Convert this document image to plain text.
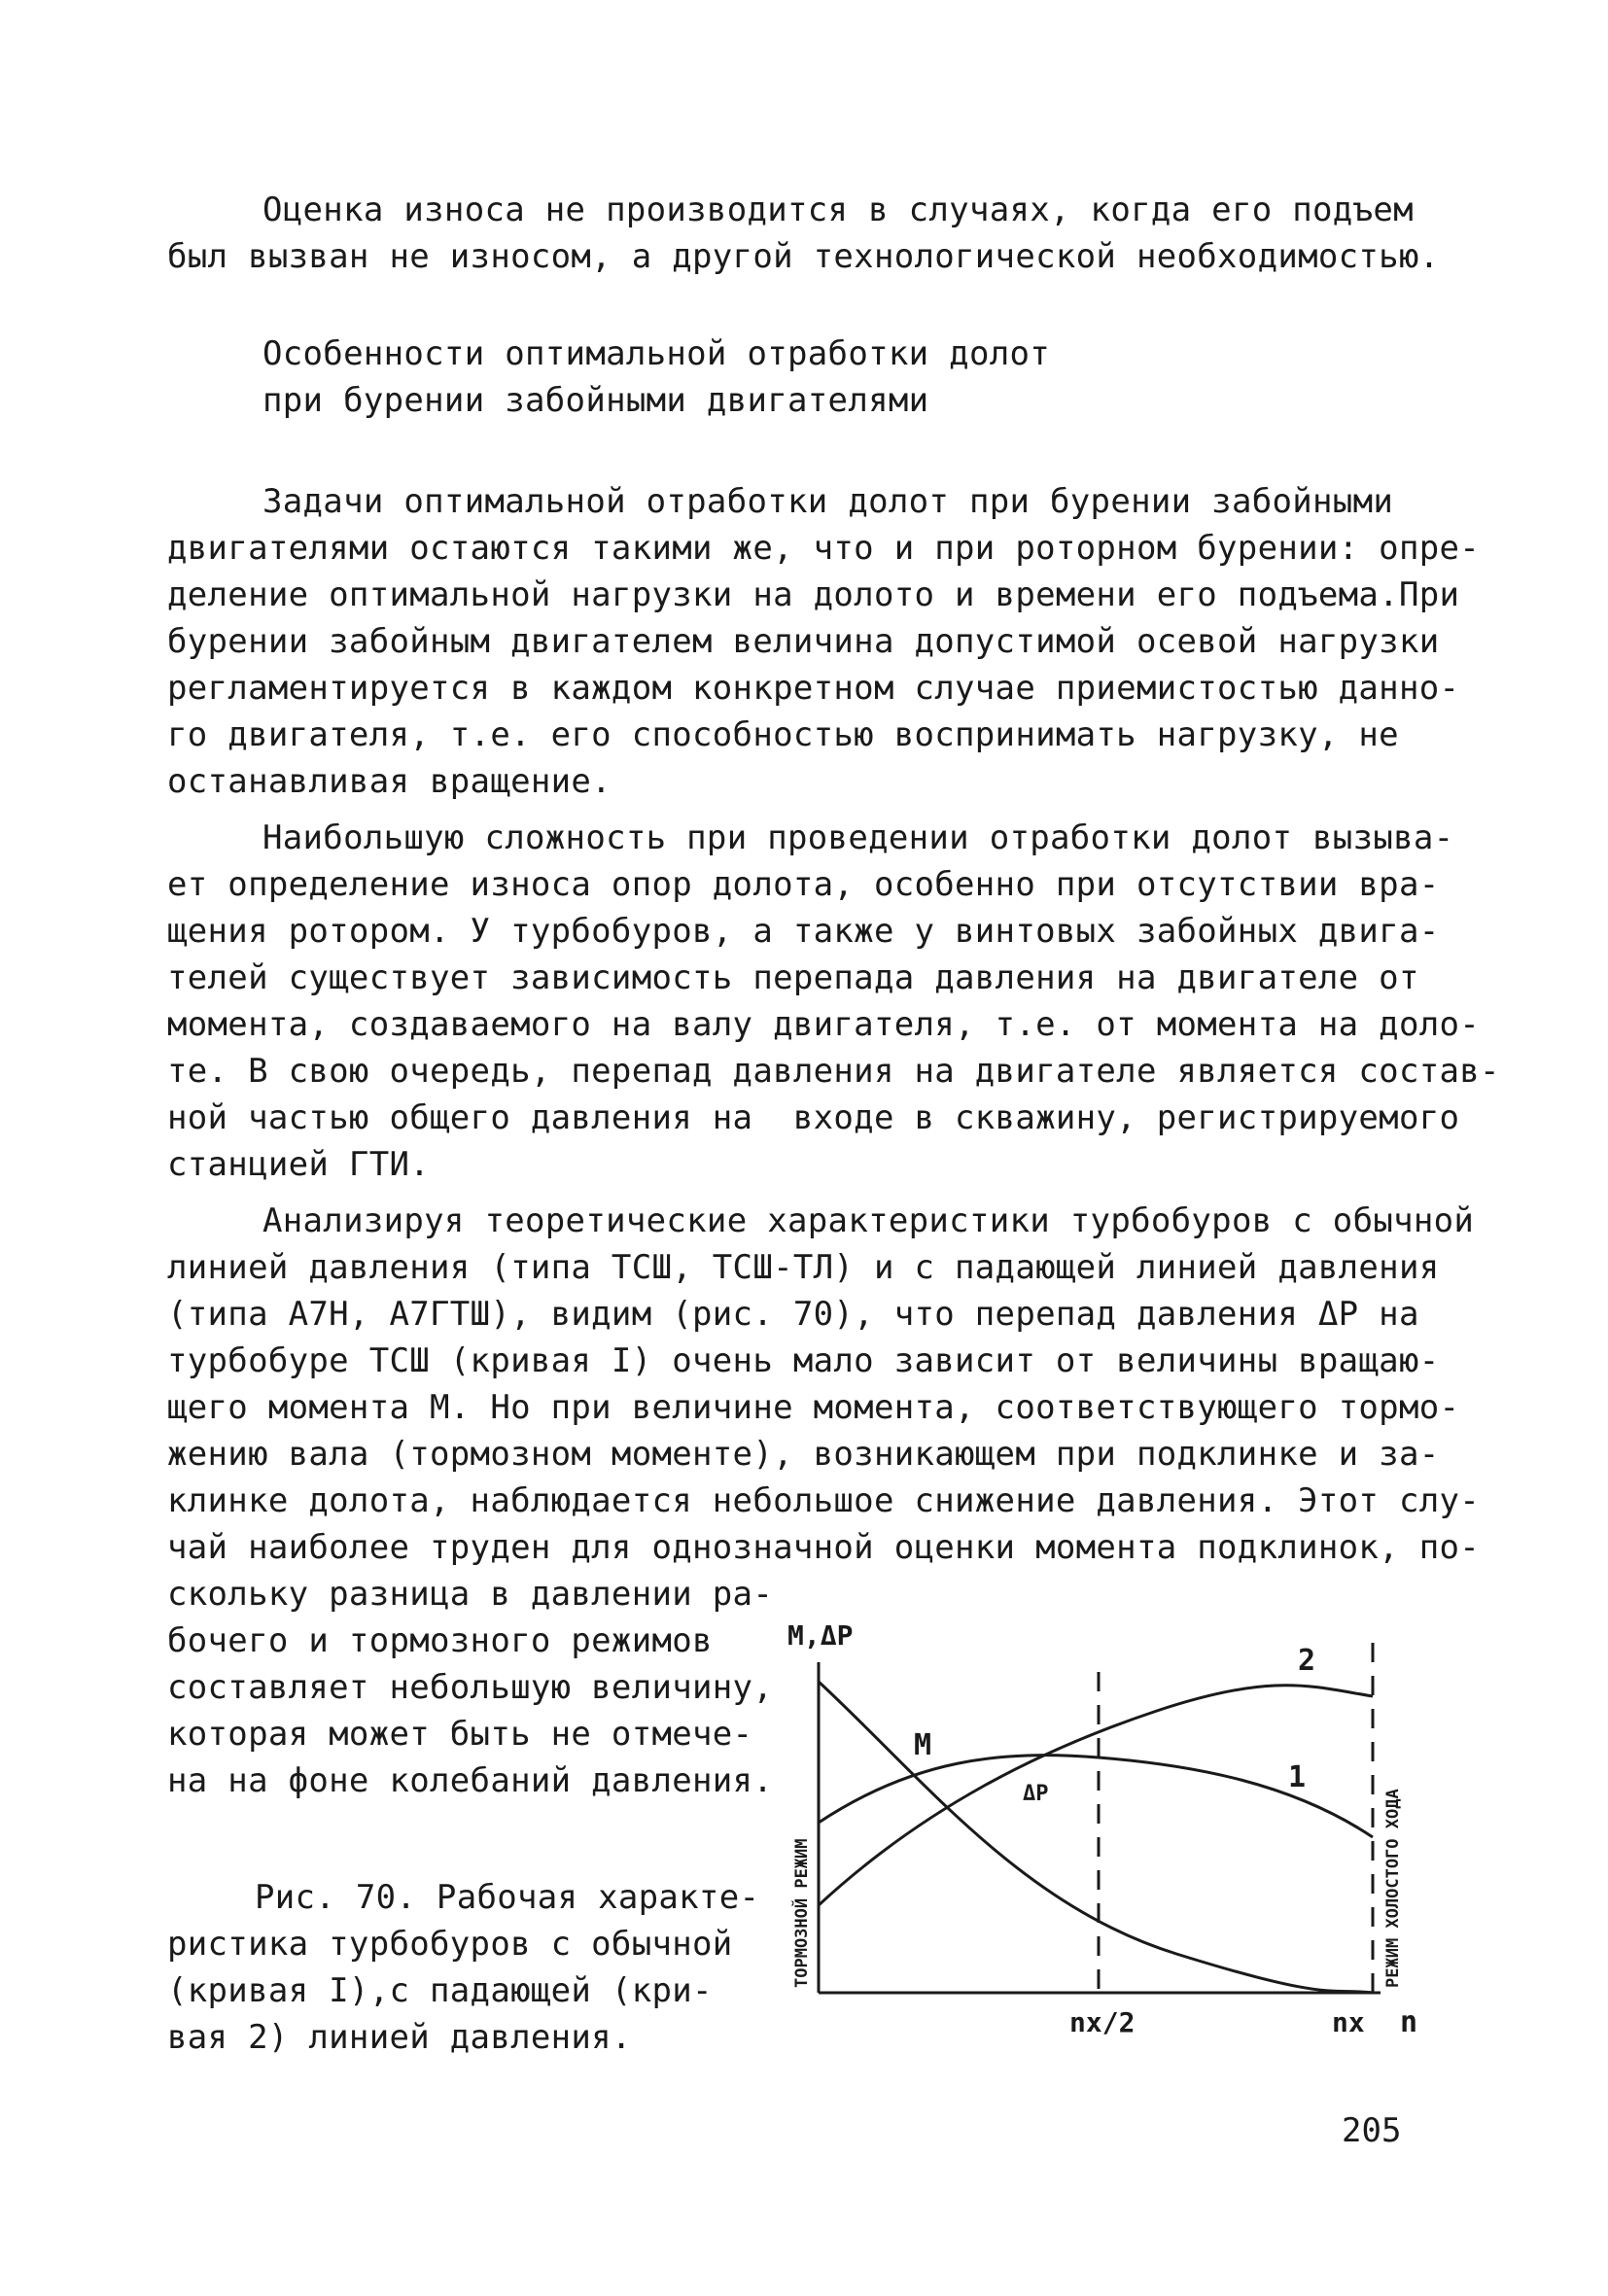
Оценка износа не производится в случаях, когда его подъем
был вызван не износом, а другой технологической необходимостью.
Особенности оптимальной отработки долот
при бурении забойными двигателями
Задачи оптимальной отработки долот при бурении забойными
двигателями остаются такими же, что и при роторном бурении: опре-
деление оптимальной нагрузки на долото и времени его подъема.При
бурении забойным двигателем величина допустимой осевой нагрузки
регламентируется в каждом конкретном случае приемистостью данно-
го двигателя, т.е. его способностью воспринимать нагрузку, не
останавливая вращение.
Наибольшую сложность при проведении отработки долот вызыва-
ет определение износа опор долота, особенно при отсутствии вра-
щения ротором. У турбобуров, а также у винтовых забойных двига-
телей существует зависимость перепада давления на двигателе от
момента, создаваемого на валу двигателя, т.е. от момента на доло-
те. В свою очередь, перепад давления на двигателе является состав-
ной частью общего давления на  входе в скважину, регистрируемого
станцией ГТИ.
Анализируя теоретические характеристики турбобуров с обычной
линией давления (типа ТСШ, ТСШ-ТЛ) и с падающей линией давления
(типа А7Н, А7ГТШ), видим (рис. 70), что перепад давления ΔР на
турбобуре ТСШ (кривая I) очень мало зависит от величины вращаю-
щего момента М. Но при величине момента, соответствующего тормо-
жению вала (тормозном моменте), возникающем при подклинке и за-
клинке долота, наблюдается небольшое снижение давления. Этот слу-
чай наиболее труден для однозначной оценки момента подклинок, по-
скольку разница в давлении ра-
бочего и тормозного режимов
составляет небольшую величину,
которая может быть не отмече-
на на фоне колебаний давления.
Рис. 70. Рабочая характе-
ристика турбобуров с обычной
(кривая I),с падающей (кри-
вая 2) линией давления.
M,ΔP
n
nx/2	nx
M
ΔP	1
2
ТОРМОЗНОЙ РЕЖИМ	РЕЖИМ ХОЛОСТОГО ХОДА
205
